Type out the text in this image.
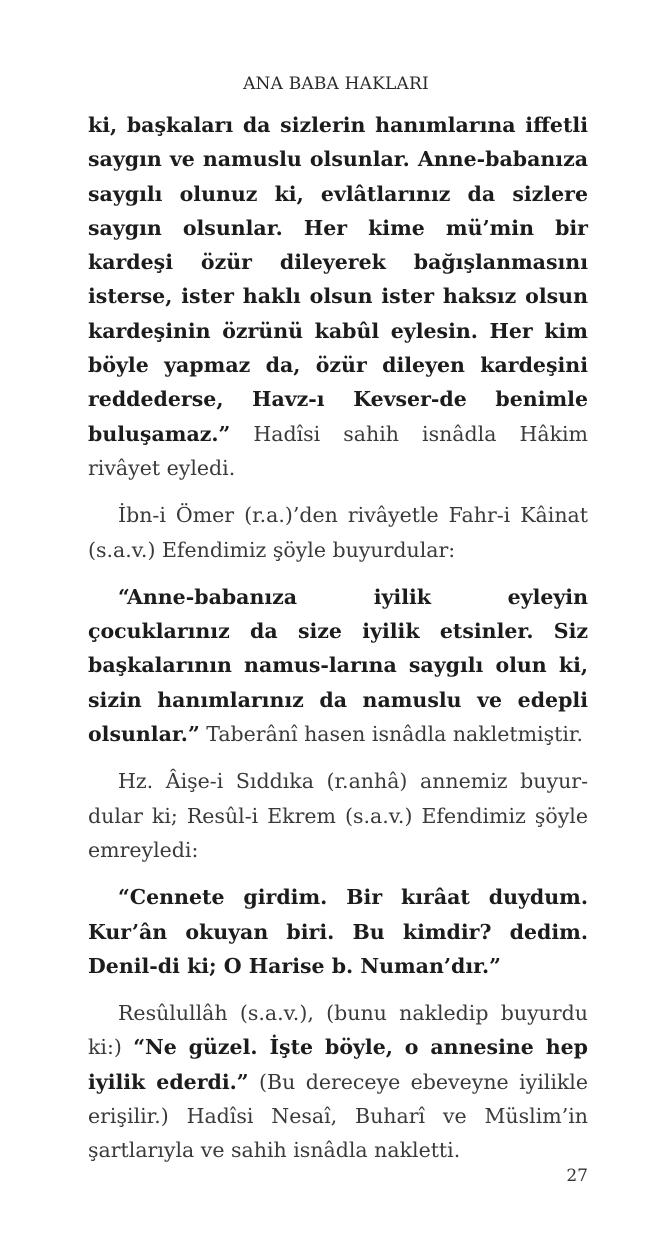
ANA BABA HAKLARI

ki, başkaları da sizlerin hanımlarına iffetli saygın ve namuslu olsunlar. Anne-babanıza saygılı olunuz ki, evlâtlarınız da sizlere saygın olsunlar. Her kime mü’min bir kardeşi özür dileyerek bağışlanmasını isterse, ister haklı olsun ister haksız olsun kardeşinin özrünü kabûl eylesin. Her kim böyle yapmaz da, özür dileyen kardeşini reddederse, Havz-ı Kevser-de benimle buluşamaz.” Hadîsi sahih isnâdla Hâkim rivâyet eyledi.

İbn-i Ömer (r.a.)’den rivâyetle Fahr-i Kâinat (s.a.v.) Efendimiz şöyle buyurdular:

“Anne-babanıza iyilik eyleyin çocuklarınız da size iyilik etsinler. Siz başkalarının namus-larına saygılı olun ki, sizin hanımlarınız da namuslu ve edepli olsunlar.” Taberânî hasen isnâdla nakletmiştir.

Hz. Âişe-i Sıddıka (r.anhâ) annemiz buyur-dular ki; Resûl-i Ekrem (s.a.v.) Efendimiz şöyle emreyledi:

“Cennete girdim. Bir kırâat duydum. Kur’ân okuyan biri. Bu kimdir? dedim. Denil-di ki; O Harise b. Numan’dır.”

Resûlullâh (s.a.v.), (bunu nakledip buyurdu ki:) “Ne güzel. İşte böyle, o annesine hep iyilik ederdi.” (Bu dereceye ebeveyne iyilikle erişilir.) Hadîsi Nesaî, Buharî ve Müslim’in şartlarıyla ve sahih isnâdla nakletti.

27
